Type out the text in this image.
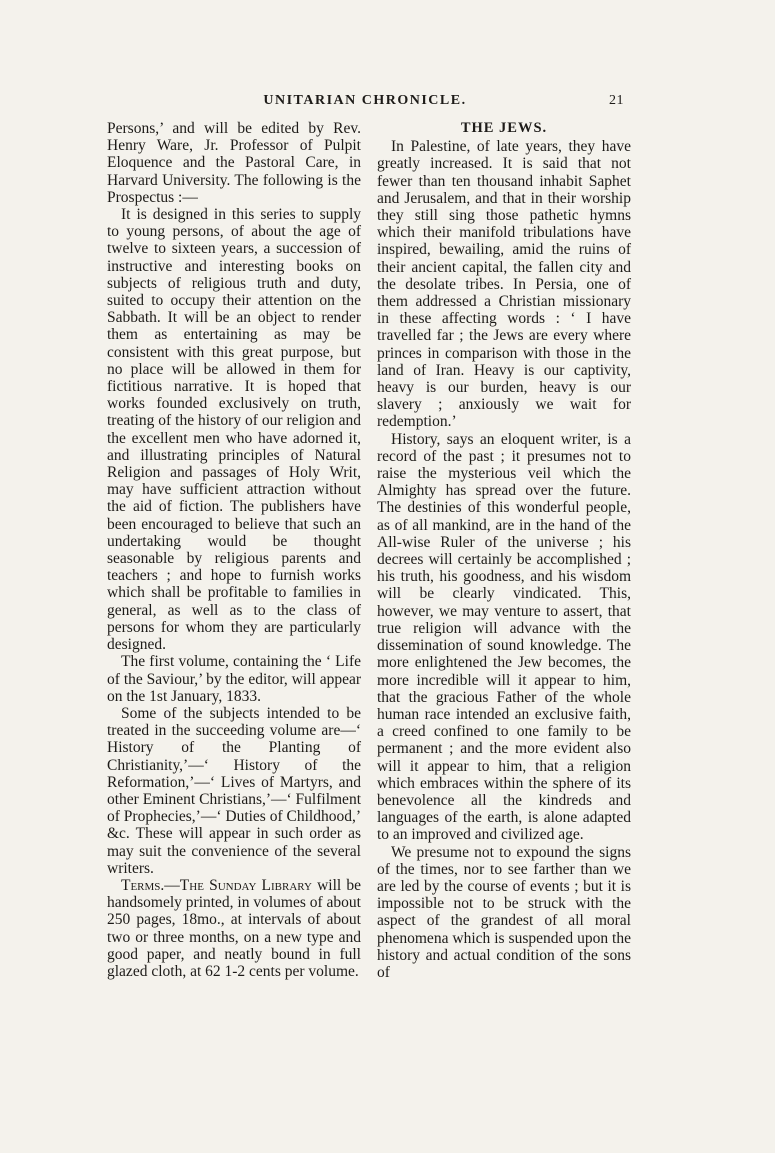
UNITARIAN CHRONICLE.	21

Persons,’ and will be edited by Rev. Henry Ware, Jr. Professor of Pulpit Eloquence and the Pastoral Care, in Harvard University. The following is the Prospectus :—

It is designed in this series to supply to young persons, of about the age of twelve to sixteen years, a succession of instructive and interesting books on subjects of religious truth and duty, suited to occupy their attention on the Sabbath. It will be an object to render them as entertaining as may be consistent with this great purpose, but no place will be allowed in them for fictitious narrative. It is hoped that works founded exclusively on truth, treating of the history of our religion and the excellent men who have adorned it, and illustrating principles of Natural Religion and passages of Holy Writ, may have sufficient attraction without the aid of fiction. The publishers have been encouraged to believe that such an undertaking would be thought seasonable by religious parents and teachers ; and hope to furnish works which shall be profitable to families in general, as well as to the class of persons for whom they are particularly designed.

The first volume, containing the ‘ Life of the Saviour,’ by the editor, will appear on the 1st January, 1833.

Some of the subjects intended to be treated in the succeeding volume are—‘ History of the Planting of Christianity,’—‘ History of the Reformation,’—‘ Lives of Martyrs, and other Eminent Christians,’—‘ Fulfilment of Prophecies,’—‘ Duties of Childhood,’ &c. These will appear in such order as may suit the convenience of the several writers.

Terms.—The Sunday Library will be handsomely printed, in volumes of about 250 pages, 18mo., at intervals of about two or three months, on a new type and good paper, and neatly bound in full glazed cloth, at 62 1-2 cents per volume.

THE JEWS.

In Palestine, of late years, they have greatly increased. It is said that not fewer than ten thousand inhabit Saphet and Jerusalem, and that in their worship they still sing those pathetic hymns which their manifold tribulations have inspired, bewailing, amid the ruins of their ancient capital, the fallen city and the desolate tribes. In Persia, one of them addressed a Christian missionary in these affecting words : ‘ I have travelled far ; the Jews are every where princes in comparison with those in the land of Iran. Heavy is our captivity, heavy is our burden, heavy is our slavery ; anxiously we wait for redemption.’

History, says an eloquent writer, is a record of the past ; it presumes not to raise the mysterious veil which the Almighty has spread over the future. The destinies of this wonderful people, as of all mankind, are in the hand of the All-wise Ruler of the universe ; his decrees will certainly be accomplished ; his truth, his goodness, and his wisdom will be clearly vindicated. This, however, we may venture to assert, that true religion will advance with the dissemination of sound knowledge. The more enlightened the Jew becomes, the more incredible will it appear to him, that the gracious Father of the whole human race intended an exclusive faith, a creed confined to one family to be permanent ; and the more evident also will it appear to him, that a religion which embraces within the sphere of its benevolence all the kindreds and languages of the earth, is alone adapted to an improved and civilized age.

We presume not to expound the signs of the times, nor to see farther than we are led by the course of events ; but it is impossible not to be struck with the aspect of the grandest of all moral phenomena which is suspended upon the history and actual condition of the sons of
